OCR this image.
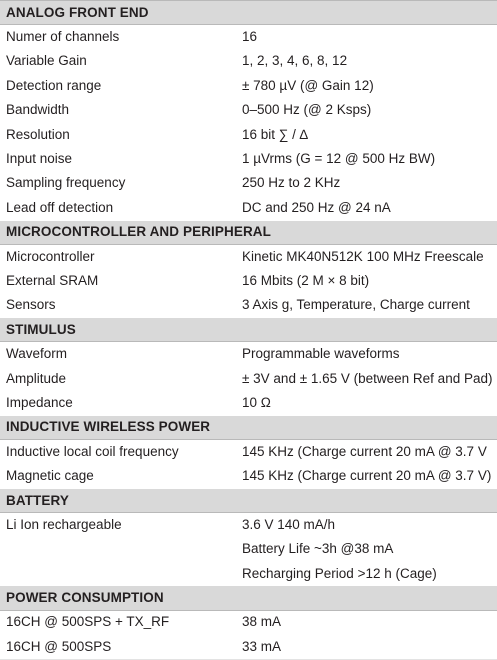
ANALOG FRONT END	
Numer of channels	16
Variable Gain	1, 2, 3, 4, 6, 8, 12
Detection range	± 780 µV (@ Gain 12)
Bandwidth	0–500 Hz (@ 2 Ksps)
Resolution	16 bit ∑ / ∆
Input noise	1 µVrms (G = 12 @ 500 Hz BW)
Sampling frequency	250 Hz to 2 KHz
Lead off detection	DC and 250 Hz @ 24 nA
MICROCONTROLLER AND PERIPHERAL	
Microcontroller	Kinetic MK40N512K 100 MHz Freescale
External SRAM	16 Mbits (2 M × 8 bit)
Sensors	3 Axis g, Temperature, Charge current
STIMULUS	
Waveform	Programmable waveforms
Amplitude	± 3V and ± 1.65 V (between Ref and Pad)
Impedance	10 Ω
INDUCTIVE WIRELESS POWER	
Inductive local coil frequency	145 KHz (Charge current 20 mA @ 3.7 V
Magnetic cage	145 KHz (Charge current 20 mA @ 3.7 V)
BATTERY	
Li Ion rechargeable	3.6 V 140 mA/h
	Battery Life ~3h @38 mA
	Recharging Period >12 h (Cage)
POWER CONSUMPTION	
16CH @ 500SPS + TX_RF	38 mA
16CH @ 500SPS	33 mA
